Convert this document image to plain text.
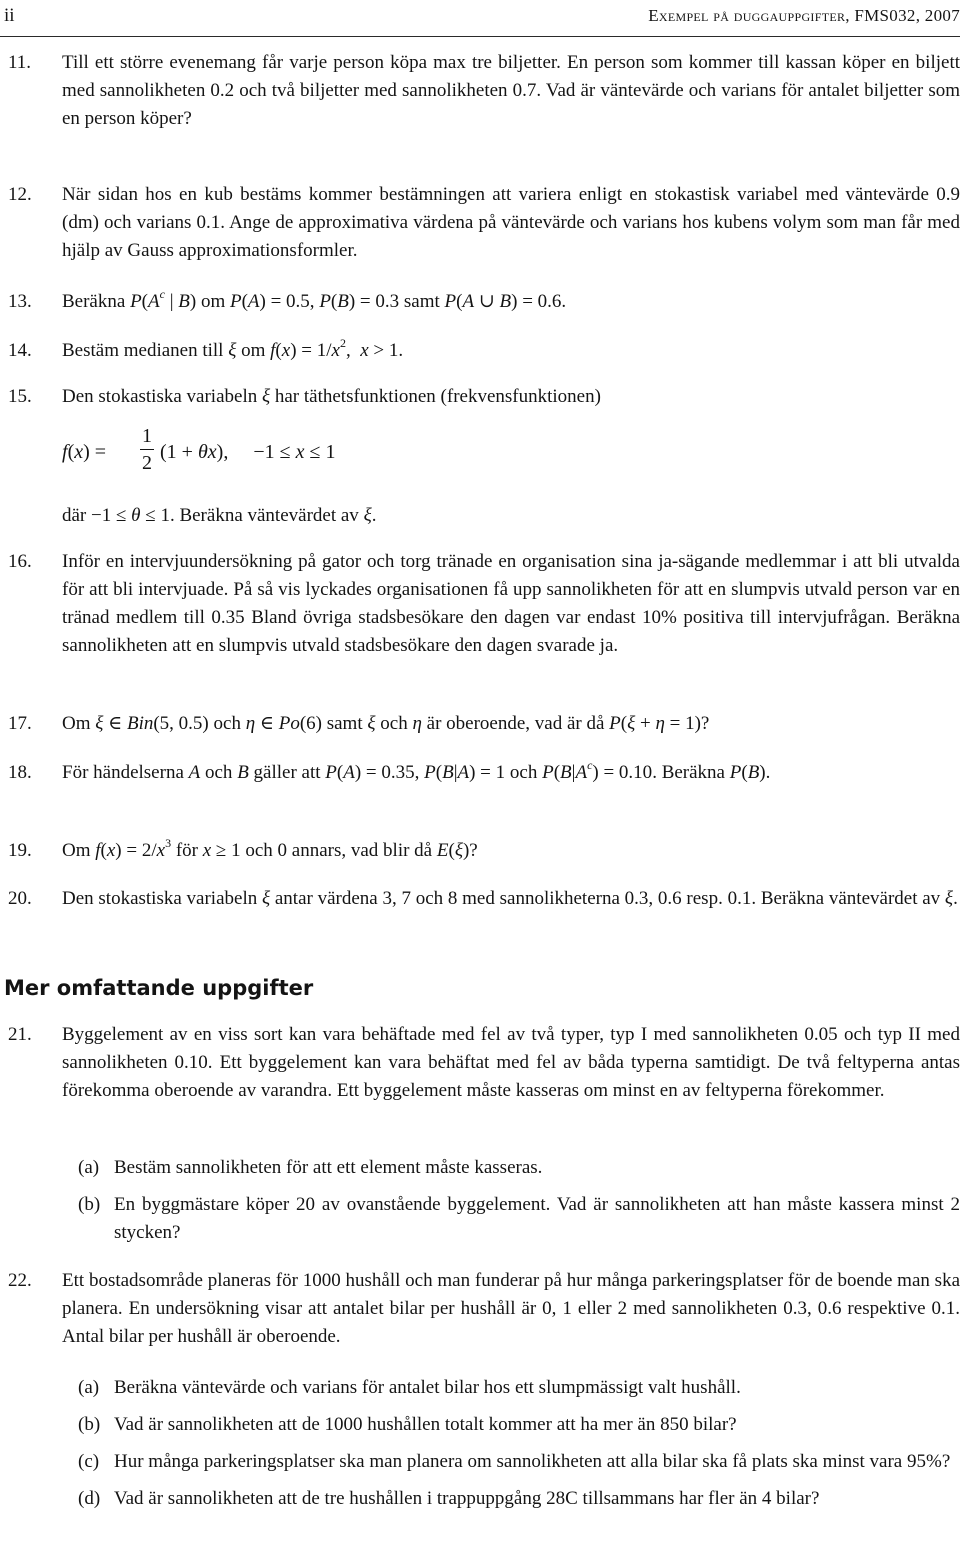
ii	Exempel på duggauppgifter, FMS032, 2007
11.	Till ett större evenemang får varje person köpa max tre biljetter. En person som kommer till kassan köper en biljett med sannolikheten 0.2 och två biljetter med sannolikheten 0.7. Vad är väntevärde och varians för antalet biljetter som en person köper?
12.	När sidan hos en kub bestäms kommer bestämningen att variera enligt en stokastisk variabel med väntevärde 0.9 (dm) och varians 0.1. Ange de approximativa värdena på väntevärde och varians hos kubens volym som man får med hjälp av Gauss approximationsformler.
13.	Beräkna $P(A^c$ | B) om P(A) = 0.5, P(B) = 0.3 samt P(A ∪ B) = 0.6.
14.	Bestäm medianen till ξ om $f(x) = 1/x^2$,  x > 1.
15.	Den stokastiska variabeln ξ har täthetsfunktionen (frekvensfunktionen)
f(x) =
1
2 (1 + θx),     −1 ≤ x ≤ 1
där −1 ≤ θ ≤ 1. Beräkna väntevärdet av ξ.
16.	Inför en intervjuundersökning på gator och torg tränade en organisation sina ja-sägande medlemmar i att bli utvalda för att bli intervjuade. På så vis lyckades organisationen få upp sannolikheten för att en slumpvis utvald person var en tränad medlem till 0.35 Bland övriga stadsbesökare den dagen var endast 10% positiva till intervjufrågan. Beräkna sannolikheten att en slumpvis utvald stadsbesökare den dagen svarade ja.
17.	Om ξ ∈ Bin(5, 0.5) och η ∈ Po(6) samt ξ och η är oberoende, vad är då P(ξ + η = 1)?
18.	För händelserna A och B gäller att P(A) = 0.35, P(B|A) = 1 och $P(B|A^c) = 0.10$. Beräkna P(B).
19.	Om $f(x) = 2/x^3$ för x ≥ 1 och 0 annars, vad blir då E(ξ)?
20.	Den stokastiska variabeln ξ antar värdena 3, 7 och 8 med sannolikheterna 0.3, 0.6 resp. 0.1. Beräkna väntevärdet av ξ.
Mer omfattande uppgifter
21.	Byggelement av en viss sort kan vara behäftade med fel av två typer, typ I med sannolikheten 0.05 och typ II med sannolikheten 0.10. Ett byggelement kan vara behäftat med fel av båda typerna samtidigt. De två feltyperna antas förekomma oberoende av varandra. Ett byggelement måste kasseras om minst en av feltyperna förekommer.
(a) Bestäm sannolikheten för att ett element måste kasseras.
(b) En byggmästare köper 20 av ovanstående byggelement. Vad är sannolikheten att han måste kassera minst 2 stycken?
22.	Ett bostadsområde planeras för 1000 hushåll och man funderar på hur många parkeringsplatser för de boende man ska planera. En undersökning visar att antalet bilar per hushåll är 0, 1 eller 2 med sannolikheten 0.3, 0.6 respektive 0.1. Antal bilar per hushåll är oberoende.
(a) Beräkna väntevärde och varians för antalet bilar hos ett slumpmässigt valt hushåll.
(b) Vad är sannolikheten att de 1000 hushållen totalt kommer att ha mer än 850 bilar?
(c) Hur många parkeringsplatser ska man planera om sannolikheten att alla bilar ska få plats ska minst vara 95%?
(d) Vad är sannolikheten att de tre hushållen i trappuppgång 28C tillsammans har fler än 4 bilar?
